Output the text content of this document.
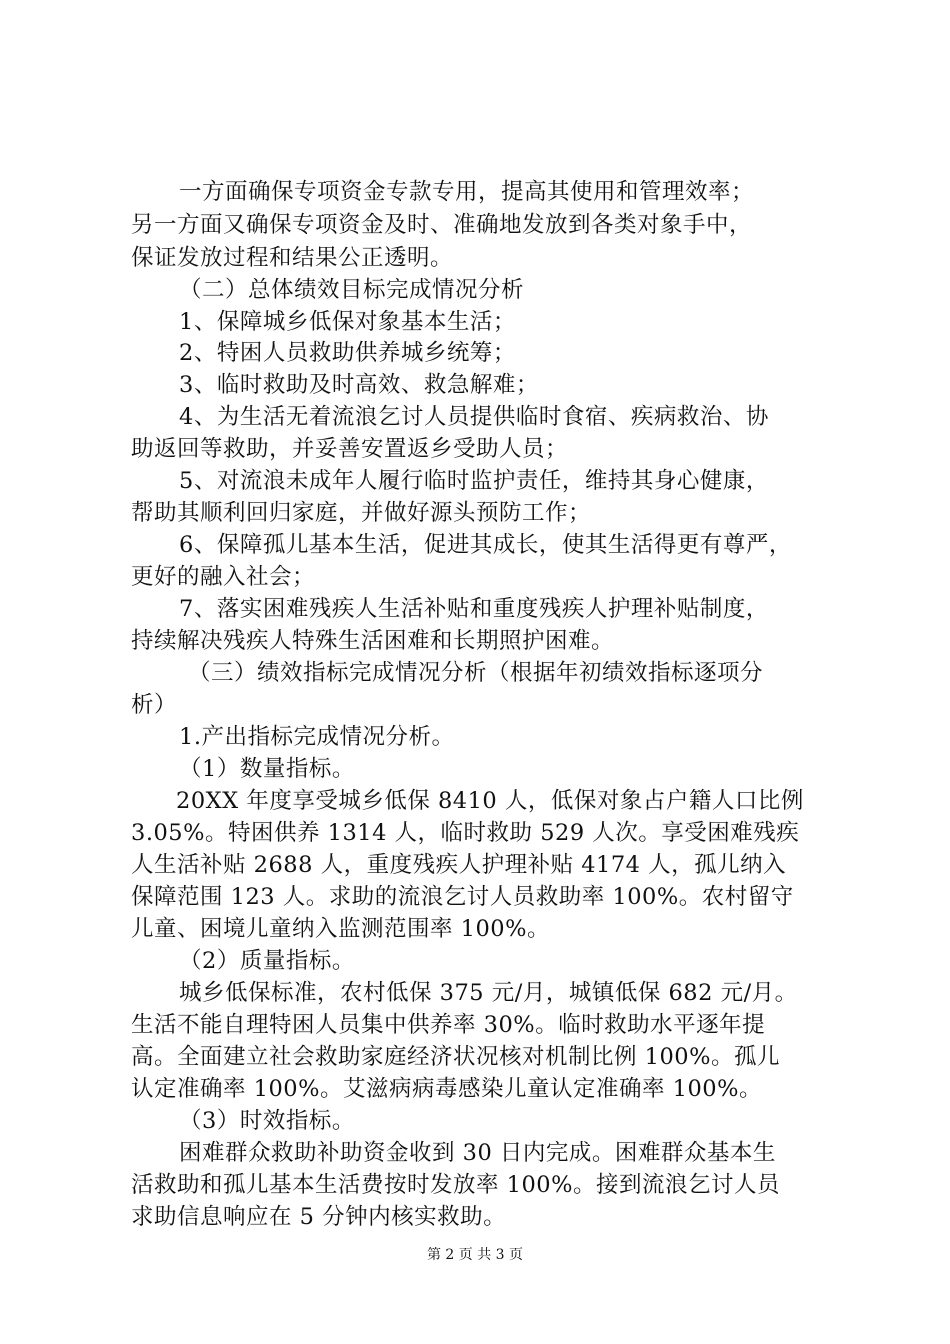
一方面确保专项资金专款专用，提高其使用和管理效率；
另一方面又确保专项资金及时、准确地发放到各类对象手中，
保证发放过程和结果公正透明。
（二）总体绩效目标完成情况分析
1、保障城乡低保对象基本生活；
2、特困人员救助供养城乡统筹；
3、临时救助及时高效、救急解难；
4、为生活无着流浪乞讨人员提供临时食宿、疾病救治、协
助返回等救助，并妥善安置返乡受助人员；
5、对流浪未成年人履行临时监护责任，维持其身心健康，
帮助其顺利回归家庭，并做好源头预防工作；
6、保障孤儿基本生活，促进其成长，使其生活得更有尊严，
更好的融入社会；
7、落实困难残疾人生活补贴和重度残疾人护理补贴制度，
持续解决残疾人特殊生活困难和长期照护困难。
（三）绩效指标完成情况分析（根据年初绩效指标逐项分
析）
1.产出指标完成情况分析。
（1）数量指标。
20XX 年度享受城乡低保 8410 人，低保对象占户籍人口比例
3.05%。特困供养 1314 人，临时救助 529 人次。享受困难残疾
人生活补贴 2688 人，重度残疾人护理补贴 4174 人，孤儿纳入
保障范围 123 人。求助的流浪乞讨人员救助率 100%。农村留守
儿童、困境儿童纳入监测范围率 100%。
（2）质量指标。
城乡低保标准，农村低保 375 元/月，城镇低保 682 元/月。
生活不能自理特困人员集中供养率 30%。临时救助水平逐年提
高。全面建立社会救助家庭经济状况核对机制比例 100%。孤儿
认定准确率 100%。艾滋病病毒感染儿童认定准确率 100%。
（3）时效指标。
困难群众救助补助资金收到 30 日内完成。困难群众基本生
活救助和孤儿基本生活费按时发放率 100%。接到流浪乞讨人员
求助信息响应在 5 分钟内核实救助。
第 2 页 共 3 页
